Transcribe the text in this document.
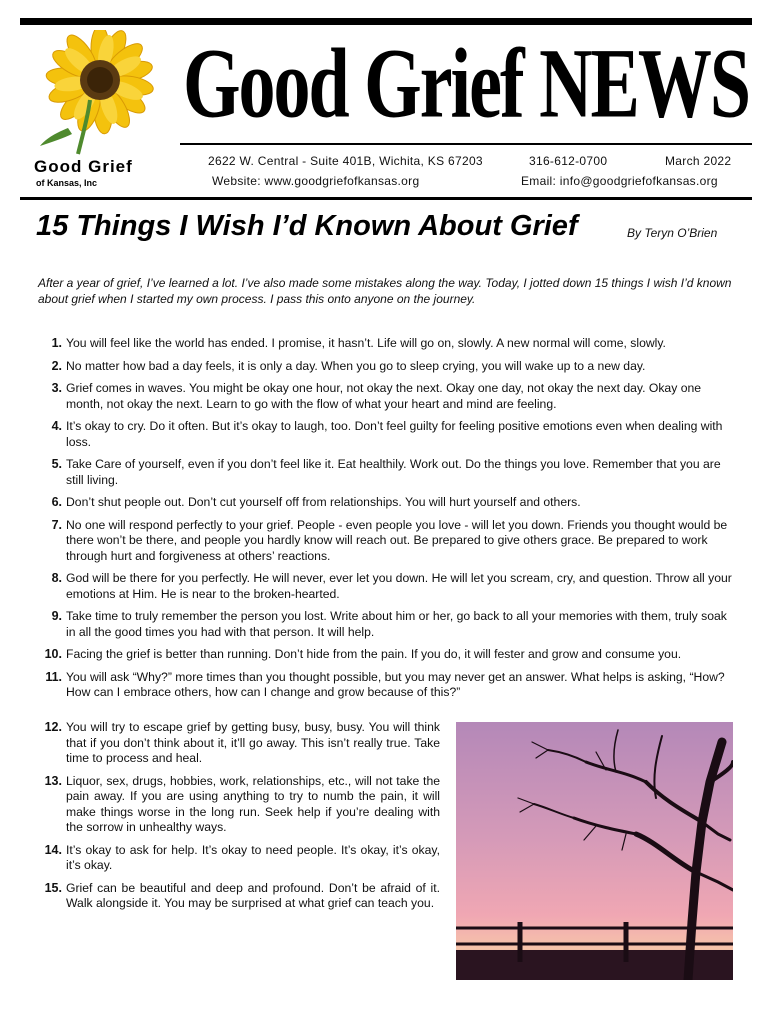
Good Grief
of Kansas, Inc
Good Grief NEWS
2622 W. Central - Suite 401B, Wichita, KS 67203	316-612-0700	March 2022
Website: www.goodgriefofkansas.org	Email: info@goodgriefofkansas.org
15 Things I Wish I’d Known About Grief	By Teryn O’Brien
After a year of grief, I’ve learned a lot. I’ve also made some mistakes along the way. Today, I jotted down 15 things I wish I’d known about grief when I started my own process. I pass this onto anyone on the journey.
1. You will feel like the world has ended. I promise, it hasn’t. Life will go on, slowly. A new normal will come, slowly.
2. No matter how bad a day feels, it is only a day. When you go to sleep crying, you will wake up to a new day.
3. Grief comes in waves. You might be okay one hour, not okay the next. Okay one day, not okay the next day. Okay one month, not okay the next. Learn to go with the flow of what your heart and mind are feeling.
4. It’s okay to cry. Do it often. But it’s okay to laugh, too. Don’t feel guilty for feeling positive emotions even when dealing with loss.
5. Take Care of yourself, even if you don’t feel like it. Eat healthily. Work out. Do the things you love. Remember that you are still living.
6. Don’t shut people out. Don’t cut yourself off from relationships. You will hurt yourself and others.
7. No one will respond perfectly to your grief. People - even people you love - will let you down. Friends you thought would be there won’t be there, and people you hardly know will reach out. Be prepared to give others grace. Be prepared to work through hurt and forgiveness at others’ reactions.
8. God will be there for you perfectly. He will never, ever let you down. He will let you scream, cry, and question. Throw all your emotions at Him. He is near to the broken-hearted.
9. Take time to truly remember the person you lost. Write about him or her, go back to all your memories with them, truly soak in all the good times you had with that person. It will help.
10. Facing the grief is better than running. Don’t hide from the pain. If you do, it will fester and grow and consume you.
11. You will ask “Why?” more times than you thought possible, but you may never get an answer. What helps is asking, “How? How can I embrace others, how can I change and grow because of this?”
12. You will try to escape grief by getting busy, busy, busy. You will think that if you don’t think about it, it’ll go away. This isn’t really true. Take time to process and heal.
13. Liquor, sex, drugs, hobbies, work, relationships, etc., will not take the pain away. If you are using anything to try to numb the pain, it will make things worse in the long run. Seek help if you’re dealing with the sorrow in unhealthy ways.
14. It’s okay to ask for help. It’s okay to need people. It’s okay, it’s okay, it’s okay.
15. Grief can be beautiful and deep and profound. Don’t be afraid of it. Walk alongside it. You may be surprised at what grief can teach you.
